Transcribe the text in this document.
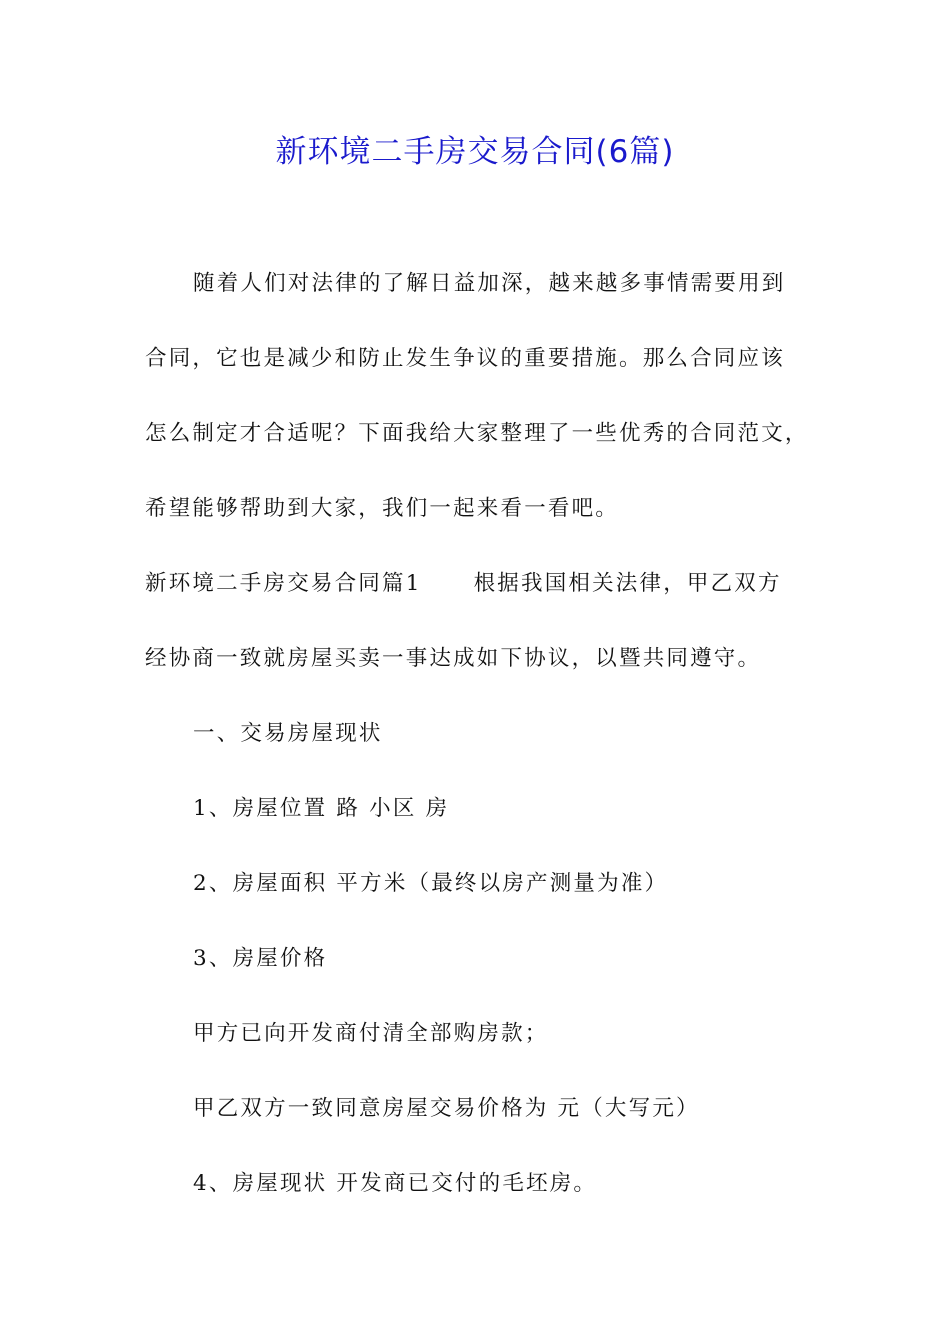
新环境二手房交易合同(6篇)
随着人们对法律的了解日益加深，越来越多事情需要用到
合同，它也是减少和防止发生争议的重要措施。那么合同应该
怎么制定才合适呢？下面我给大家整理了一些优秀的合同范文，
希望能够帮助到大家，我们一起来看一看吧。
新环境二手房交易合同篇1 根据我国相关法律，甲乙双方
经协商一致就房屋买卖一事达成如下协议，以暨共同遵守。
一、交易房屋现状
1、房屋位置 路 小区 房
2、房屋面积 平方米（最终以房产测量为准）
3、房屋价格
甲方已向开发商付清全部购房款；
甲乙双方一致同意房屋交易价格为 元（大写元）
4、房屋现状 开发商已交付的毛坯房。
